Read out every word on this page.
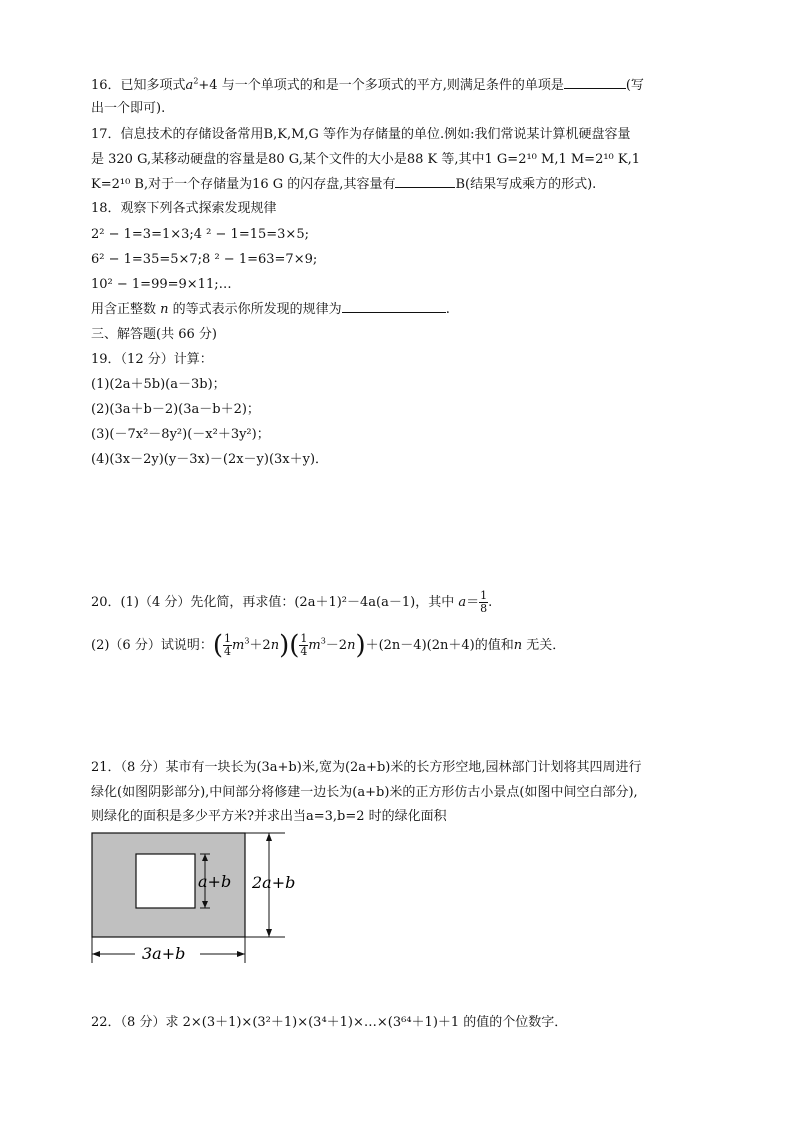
16．已知多项式$a^2+4$ 与一个单项式的和是一个多项式的平方,则满足条件的单项是	(写
出一个即可).
17．信息技术的存储设备常用B,K,M,G 等作为存储量的单位.例如:我们常说某计算机硬盘容量
是 320 G,某移动硬盘的容量是80 G,某个文件的大小是88 K 等,其中1 G=2¹⁰ M,1 M=2¹⁰ K,1
K=2¹⁰ B,对于一个存储量为16 G 的闪存盘,其容量有	B(结果写成乘方的形式).
18．观察下列各式探索发现规律
2² − 1=3=1×3;4 ² − 1=15=3×5;
6² − 1=35=5×7;8 ² − 1=63=7×9;
10² − 1=99=9×11;…
用含正整数 n 的等式表示你所发现的规律为	.
三、解答题(共 66 分)
19．（12 分）计算：
(1)(2a＋5b)(a－3b)；
(2)(3a＋b－2)(3a－b＋2)；
(3)(－7x²－8y²)(－x²＋3y²)；
(4)(3x－2y)(y－3x)－(2x－y)(3x＋y)．
20．(1)（4 分）先化简，再求值：(2a＋1)²－4a(a－1)，其中 $a= \frac{1}{8}$ .
(2)（6 分）试说明：( $\frac{1}{4} m^3+2n)( \frac{1}{4} m^3-2n)+(2n-4)(2n+4)$的值和n 无关．
21．（8 分）某市有一块长为(3a+b)米,宽为(2a+b)米的长方形空地,园林部门计划将其四周进行
绿化(如图阴影部分),中间部分将修建一边长为(a+b)米的正方形仿古小景点(如图中间空白部分),
则绿化的面积是多少平方米?并求出当a=3,b=2 时的绿化面积
a+b 2a+b
3a+b
22．（8 分）求 2×(3＋1)×(3²＋1)×(3⁴＋1)×…×(3⁶⁴＋1)＋1 的值的个位数字．
